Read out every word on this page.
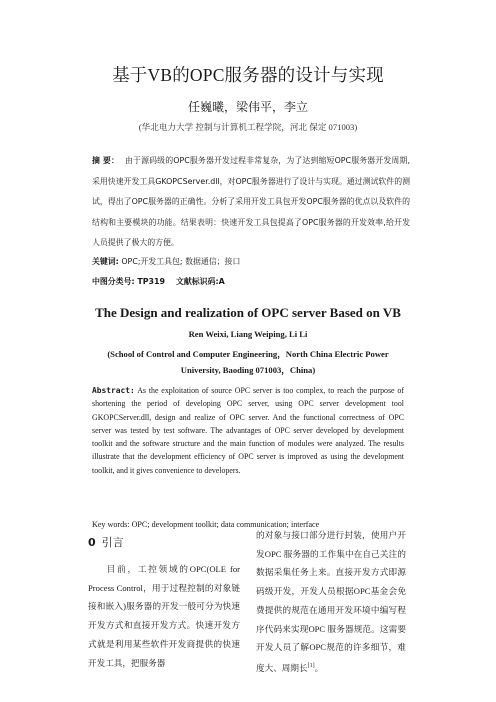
基于VB的OPC服务器的设计与实现
任巍曦，梁伟平，李立
(华北电力大学 控制与计算机工程学院，河北 保定 071003)
摘 要： 由于源码级的OPC服务器开发过程非常复杂，为了达到缩短OPC服务器开发周期,采用快速开发工具GKOPCServer.dll，对OPC服务器进行了设计与实现。通过测试软件的测试，得出了OPC服务器的正确性。分析了采用开发工具包开发OPC服务器的优点以及软件的结构和主要模块的功能。结果表明：快速开发工具包提高了OPC服务器的开发效率,给开发人员提供了极大的方便。
关键词: OPC;开发工具包; 数据通信；接口
中图分类号: TP319 文献标识码:A
The Design and realization of OPC server Based on VB
Ren Weixi, Liang Weiping, Li Li
(School of Control and Computer Engineering，North China Electric Power University, Baoding 071003，China)
Abstract: As the exploitation of source OPC server is too complex, to reach the purpose of shortening the period of developing OPC server, using OPC server development tool GKOPCServer.dll, design and realize of OPC server. And the functional correctness of OPC server was tested by test software. The advantages of OPC server developed by development toolkit and the software structure and the main function of modules were analyzed. The results illustrate that the development efficiency of OPC server is improved as using the development toolkit, and it gives convenience to developers.
Key words: OPC; development toolkit; data communication; interface
0 引言
目前，工控领域的OPC(OLE for Process Control，用于过程控制的对象链接和嵌入)服务器的开发一般可分为快速开发方式和直接开发方式。快速开发方式就是利用某些软件开发商提供的快速开发工具，把服务器
的对象与接口部分进行封装，使用户开发OPC 服务器的工作集中在自己关注的数据采集任务上来。直接开发方式即源码级开发，开发人员根据OPC基金会免费提供的规范在通用开发环境中编写程序代码来实现OPC 服务器规范。这需要开发人员了解OPC规范的许多细节，难度大、周期长[1]。
